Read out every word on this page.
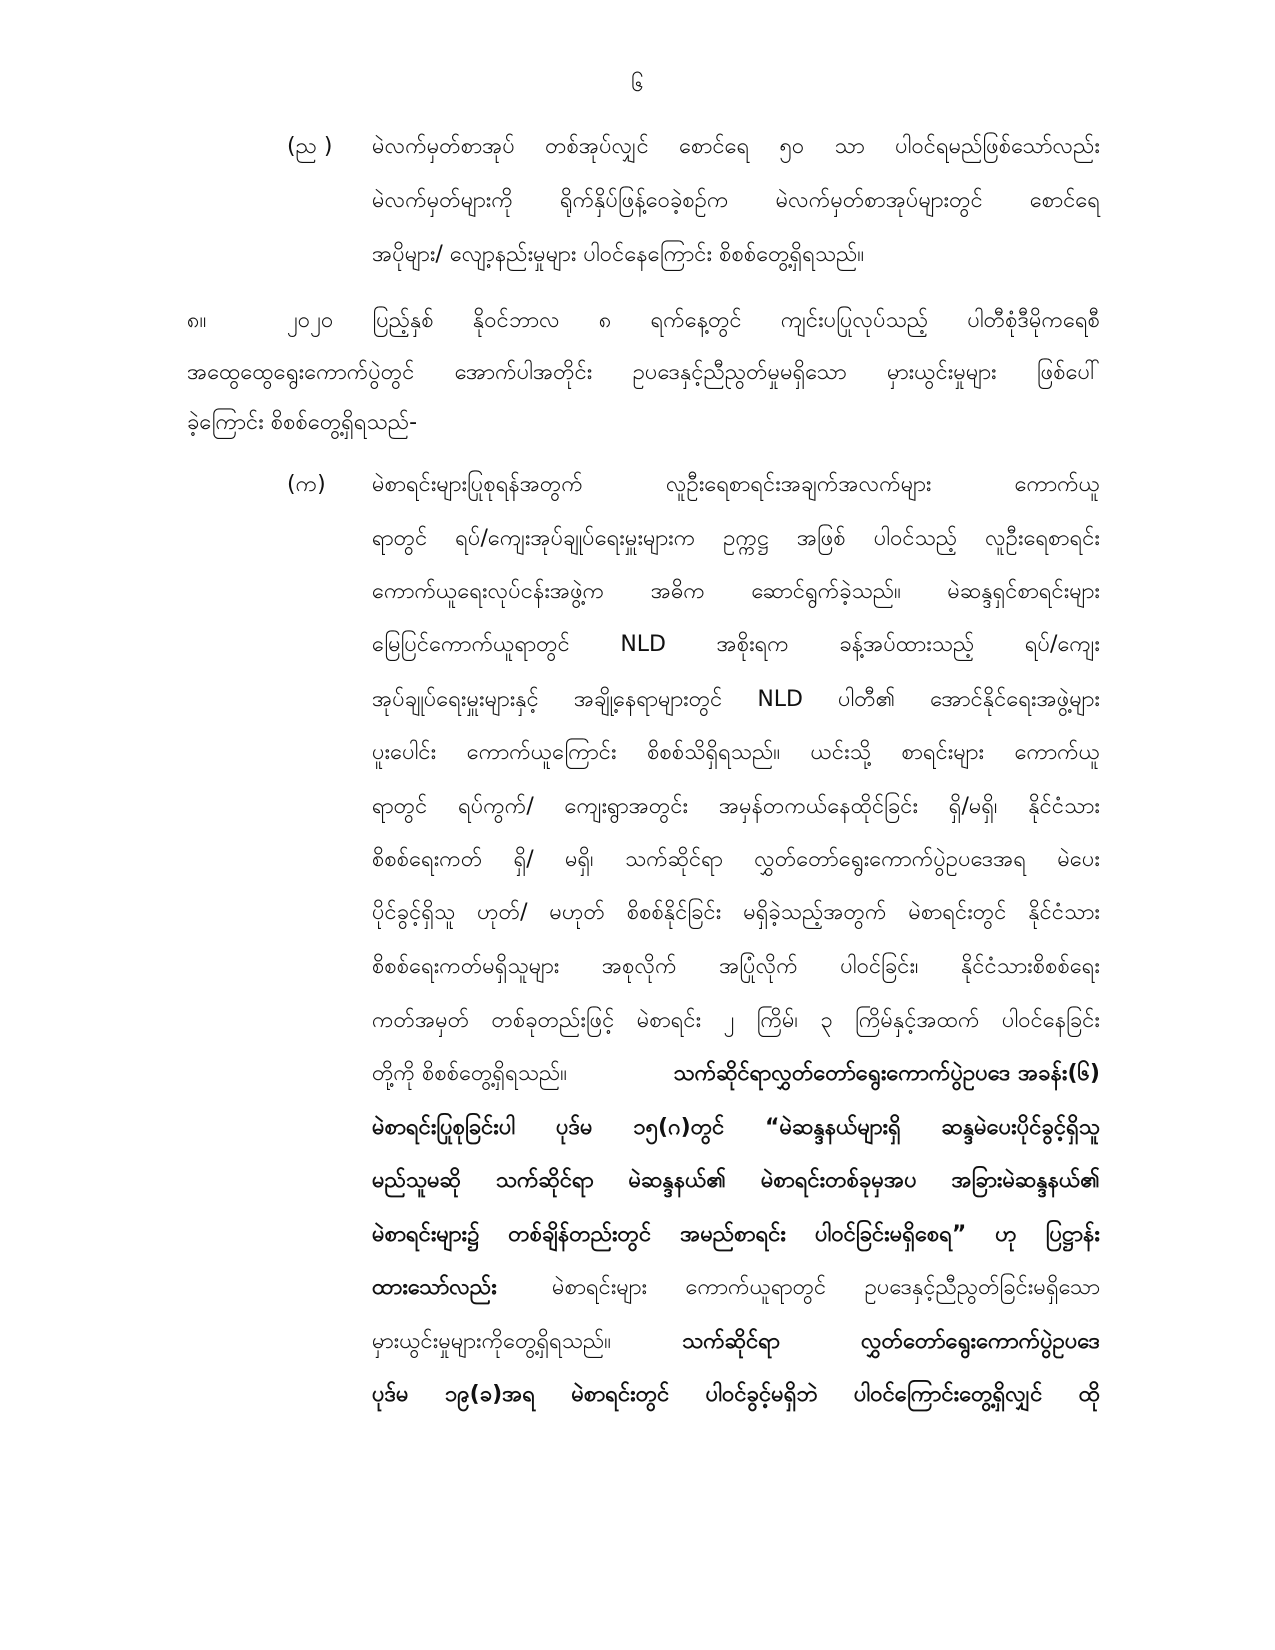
၆
(ည ) မဲလက်မှတ်စာအုပ် တစ်အုပ်လျှင် စောင်ရေ ၅၀ သာ ပါဝင်ရမည်ဖြစ်သော်လည်း
မဲလက်မှတ်များကို ရိုက်နှိပ်ဖြန့်ဝေခဲ့စဉ်က မဲလက်မှတ်စာအုပ်များတွင် စောင်ရေ
အပိုများ/ လျော့နည်းမှုများ ပါဝင်နေကြောင်း စိစစ်တွေ့ရှိရသည်။
၈။	၂၀၂၀ ပြည့်နှစ် နိုဝင်ဘာလ ၈ ရက်နေ့တွင် ကျင်းပပြုလုပ်သည့် ပါတီစုံဒီမိုကရေစီ
အထွေထွေရွေးကောက်ပွဲတွင် အောက်ပါအတိုင်း ဥပဒေနှင့်ညီညွတ်မှုမရှိသော မှားယွင်းမှုများ ဖြစ်ပေါ်
ခဲ့ကြောင်း စိစစ်တွေ့ရှိရသည်-
(က) မဲစာရင်းများပြုစုရန်အတွက် လူဦးရေစာရင်းအချက်အလက်များ ကောက်ယူ
ရာတွင် ရပ်/ကျေးအုပ်ချုပ်ရေးမှူးများက ဥက္ကဋ္ဌ အဖြစ် ပါဝင်သည့် လူဦးရေစာရင်း
ကောက်ယူရေးလုပ်ငန်းအဖွဲ့က အဓိက ဆောင်ရွက်ခဲ့သည်။ မဲဆန္ဒရှင်စာရင်းများ
မြေပြင်ကောက်ယူရာတွင် NLD အစိုးရက ခန့်အပ်ထားသည့် ရပ်/ကျေး
အုပ်ချုပ်ရေးမှူးများနှင့် အချို့နေရာများတွင် NLD ပါတီ၏ အောင်နိုင်ရေးအဖွဲ့များ
ပူးပေါင်း ကောက်ယူကြောင်း စိစစ်သိရှိရသည်။ ယင်းသို့ စာရင်းများ ကောက်ယူ
ရာတွင် ရပ်ကွက်/ ကျေးရွာအတွင်း အမှန်တကယ်နေထိုင်ခြင်း ရှိ/မရှိ၊ နိုင်ငံသား
စိစစ်ရေးကတ် ရှိ/ မရှိ၊ သက်ဆိုင်ရာ လွှတ်တော်ရွေးကောက်ပွဲဥပဒေအရ မဲပေး
ပိုင်ခွင့်ရှိသူ ဟုတ်/ မဟုတ် စိစစ်နိုင်ခြင်း မရှိခဲ့သည့်အတွက် မဲစာရင်းတွင် နိုင်ငံသား
စိစစ်ရေးကတ်မရှိသူများ အစုလိုက် အပြုံလိုက် ပါဝင်ခြင်း၊ နိုင်ငံသားစိစစ်ရေး
ကတ်အမှတ် တစ်ခုတည်းဖြင့် မဲစာရင်း ၂ ကြိမ်၊ ၃ ကြိမ်နှင့်အထက် ပါဝင်နေခြင်း
တို့ကို စိစစ်တွေ့ရှိရသည်။	သက်ဆိုင်ရာလွှတ်တော်ရွေးကောက်ပွဲဥပဒေ အခန်း(၆)
မဲစာရင်းပြုစုခြင်းပါ ပုဒ်မ ၁၅(ဂ)တွင် “မဲဆန္ဒနယ်များရှိ ဆန္ဒမဲပေးပိုင်ခွင့်ရှိသူ
မည်သူမဆို သက်ဆိုင်ရာ မဲဆန္ဒနယ်၏ မဲစာရင်းတစ်ခုမှအပ အခြားမဲဆန္ဒနယ်၏
မဲစာရင်းများ၌ တစ်ချိန်တည်းတွင် အမည်စာရင်း ပါဝင်ခြင်းမရှိစေရ” ဟု ပြဋ္ဌာန်း
ထားသော်လည်း	မဲစာရင်းများ ကောက်ယူရာတွင် ဥပဒေနှင့်ညီညွတ်ခြင်းမရှိသော
မှားယွင်းမှုများကိုတွေ့ရှိရသည်။	သက်ဆိုင်ရာ လွှတ်တော်ရွေးကောက်ပွဲဥပဒေ
ပုဒ်မ ၁၉(ခ)အရ မဲစာရင်းတွင် ပါဝင်ခွင့်မရှိဘဲ ပါဝင်ကြောင်းတွေ့ရှိလျှင် ထို
